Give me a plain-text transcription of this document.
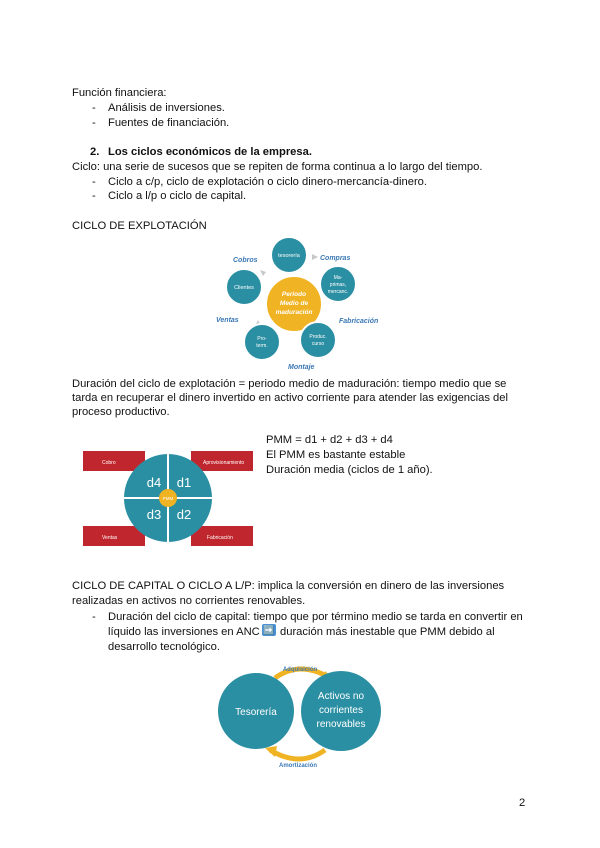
Función financiera:
- Análisis de inversiones.
- Fuentes de financiación.
2. Los ciclos económicos de la empresa.
Ciclo: una serie de sucesos que se repiten de forma continua a lo largo del tiempo.
- Ciclo a c/p, ciclo de explotación o ciclo dinero-mercancía-dinero.
- Ciclo a l/p o ciclo de capital.
CICLO DE EXPLOTACIÓN
Periodo
Medio de
maduración
tesorería
Ma-
primas,
mercanc.
Produc.
curso
Pro-
term.
Clientes
Compras
Fabricación
Montaje
Ventas
Cobros
Duración del ciclo de explotación = periodo medio de maduración: tiempo medio que se
tarda en recuperar el dinero invertido en activo corriente para atender las exigencias del
proceso productivo.
Cobro	Aprovisionamiento
Ventas	Fabricación
PMM
d4 d1
d3 d2
PMM = d1 + d2 + d3 + d4
El PMM es bastante estable
Duración media (ciclos de 1 año).
CICLO DE CAPITAL O CICLO A L/P: implica la conversión en dinero de las inversiones
realizadas en activos no corrientes renovables.
- Duración del ciclo de capital: tiempo que por término medio se tarda en convertir en
líquido las inversiones en ANC ➡️ duración más inestable que PMM debido al
desarrollo tecnológico.
Tesorería
Activos no
corrientes
renovables
Adquisición
Amortización
2
